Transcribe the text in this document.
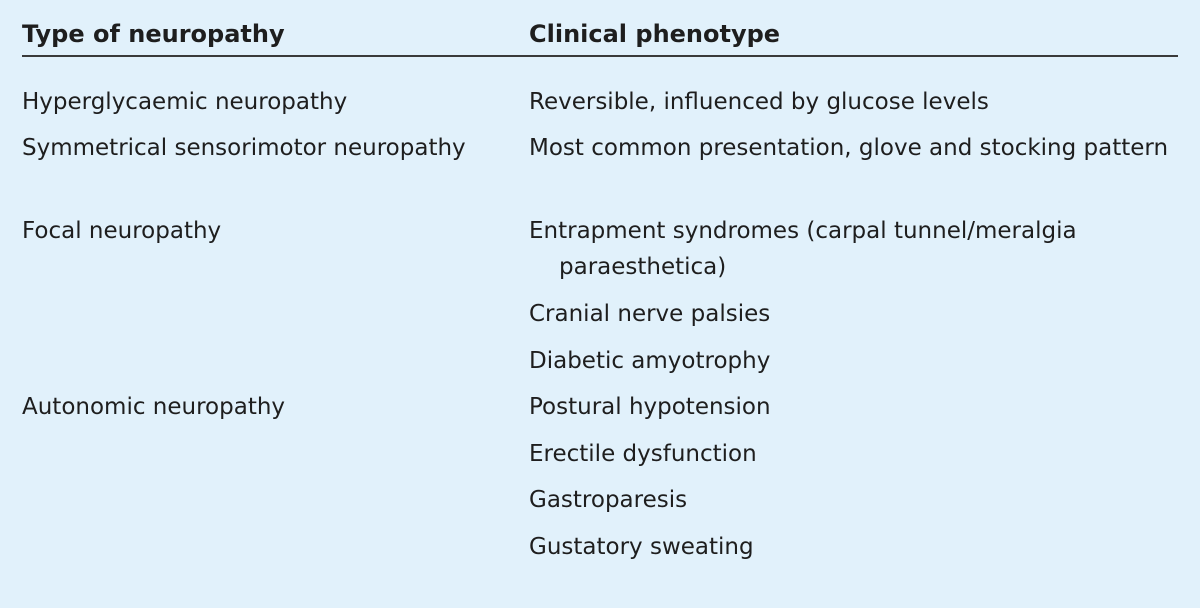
Type of neuropathy	Clinical phenotype
Hyperglycaemic neuropathy	Reversible, influenced by glucose levels
Symmetrical sensorimotor neuropathy	Most common presentation, glove and stocking pattern
Focal neuropathy	Entrapment syndromes (carpal tunnel/meralgia paraesthetica)
Cranial nerve palsies
Diabetic amyotrophy
Autonomic neuropathy	Postural hypotension
Erectile dysfunction
Gastroparesis
Gustatory sweating
